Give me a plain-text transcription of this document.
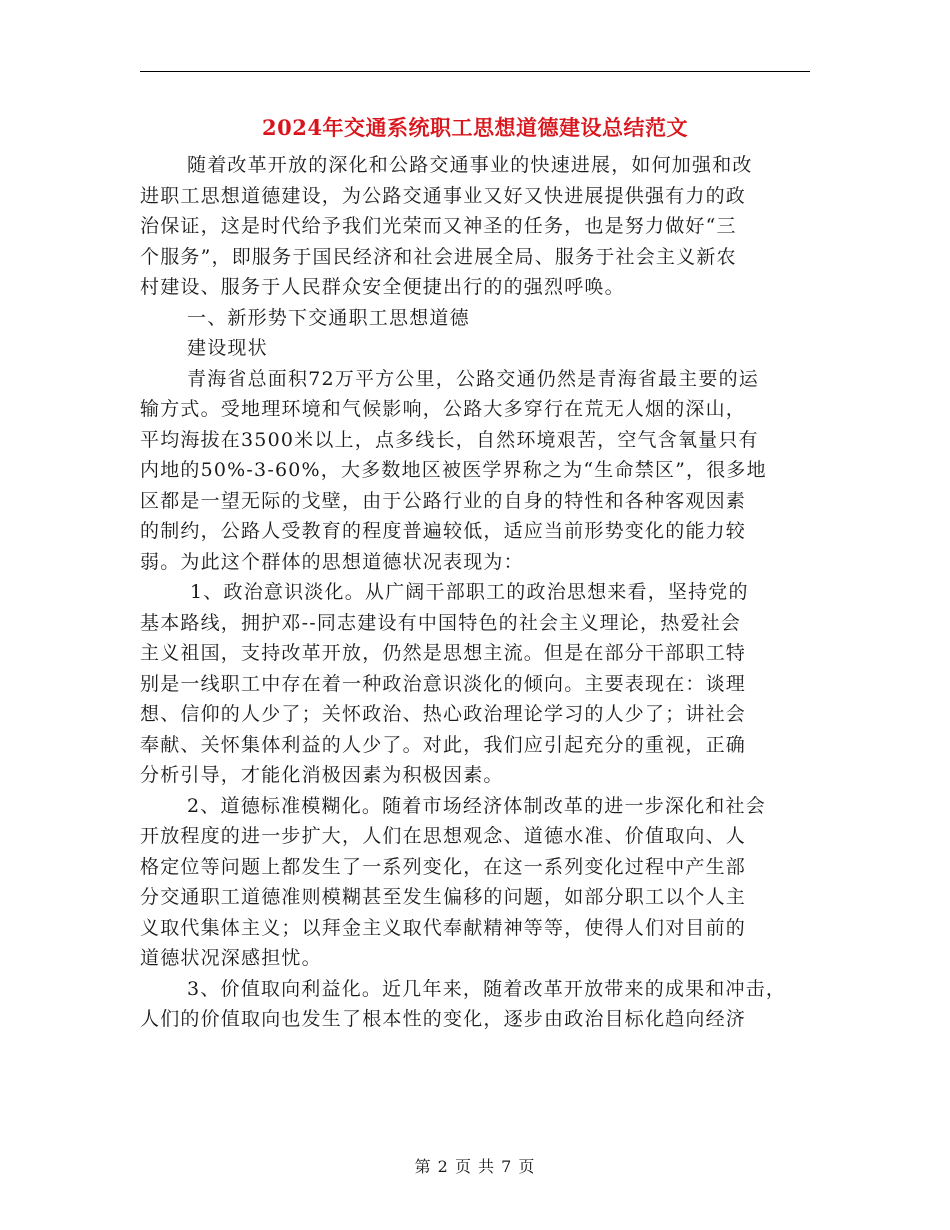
2024年交通系统职工思想道德建设总结范文
随着改革开放的深化和公路交通事业的快速进展，如何加强和改
进职工思想道德建设，为公路交通事业又好又快进展提供强有力的政
治保证，这是时代给予我们光荣而又神圣的任务，也是努力做好“三
个服务”，即服务于国民经济和社会进展全局、服务于社会主义新农
村建设、服务于人民群众安全便捷出行的的强烈呼唤。
一、新形势下交通职工思想道德
建设现状
青海省总面积72万平方公里，公路交通仍然是青海省最主要的运
输方式。受地理环境和气候影响，公路大多穿行在荒无人烟的深山，
平均海拔在3500米以上，点多线长，自然环境艰苦，空气含氧量只有
内地的50%-3-60%，大多数地区被医学界称之为“生命禁区”，很多地
区都是一望无际的戈壁，由于公路行业的自身的特性和各种客观因素
的制约，公路人受教育的程度普遍较低，适应当前形势变化的能力较
弱。为此这个群体的思想道德状况表现为：
1、政治意识淡化。从广阔干部职工的政治思想来看，坚持党的
基本路线，拥护邓--同志建设有中国特色的社会主义理论，热爱社会
主义祖国，支持改革开放，仍然是思想主流。但是在部分干部职工特
别是一线职工中存在着一种政治意识淡化的倾向。主要表现在：谈理
想、信仰的人少了；关怀政治、热心政治理论学习的人少了；讲社会
奉献、关怀集体利益的人少了。对此，我们应引起充分的重视，正确
分析引导，才能化消极因素为积极因素。
2、道德标准模糊化。随着市场经济体制改革的进一步深化和社会
开放程度的进一步扩大，人们在思想观念、道德水准、价值取向、人
格定位等问题上都发生了一系列变化，在这一系列变化过程中产生部
分交通职工道德准则模糊甚至发生偏移的问题，如部分职工以个人主
义取代集体主义；以拜金主义取代奉献精神等等，使得人们对目前的
道德状况深感担忧。
3、价值取向利益化。近几年来，随着改革开放带来的成果和冲击，
人们的价值取向也发生了根本性的变化，逐步由政治目标化趋向经济
第 2 页 共 7 页
